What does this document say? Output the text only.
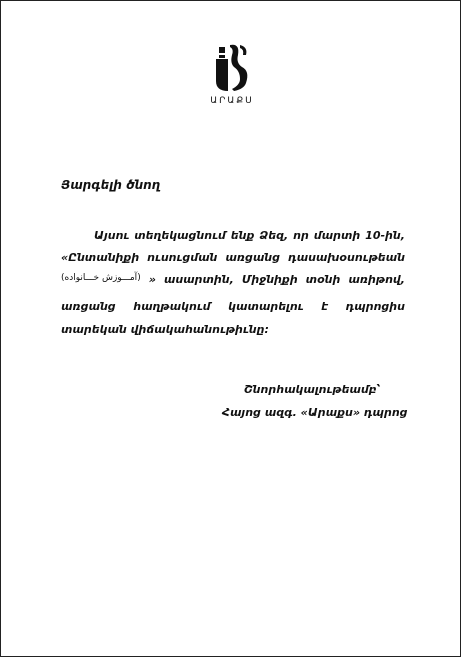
ԱՐԱՔՍ
Յարգելի ծնող
Այսու տեղեկացնում ենք Ձեզ, որ մարտի 10-ին,
«Ընտանիքի ուսուցման առցանց դասախօսութեան
(آمـــوزش خـــانواده) » ասարտին, Միջնիքի տօնի առիթով,
առցանց հաղթակում կատարելու է դպրոցիս
տարեկան վիճակահանութիւնը:
Շնորհակալութեամբ՝
Հայոց ազգ. «Արաքս» դպրոց
